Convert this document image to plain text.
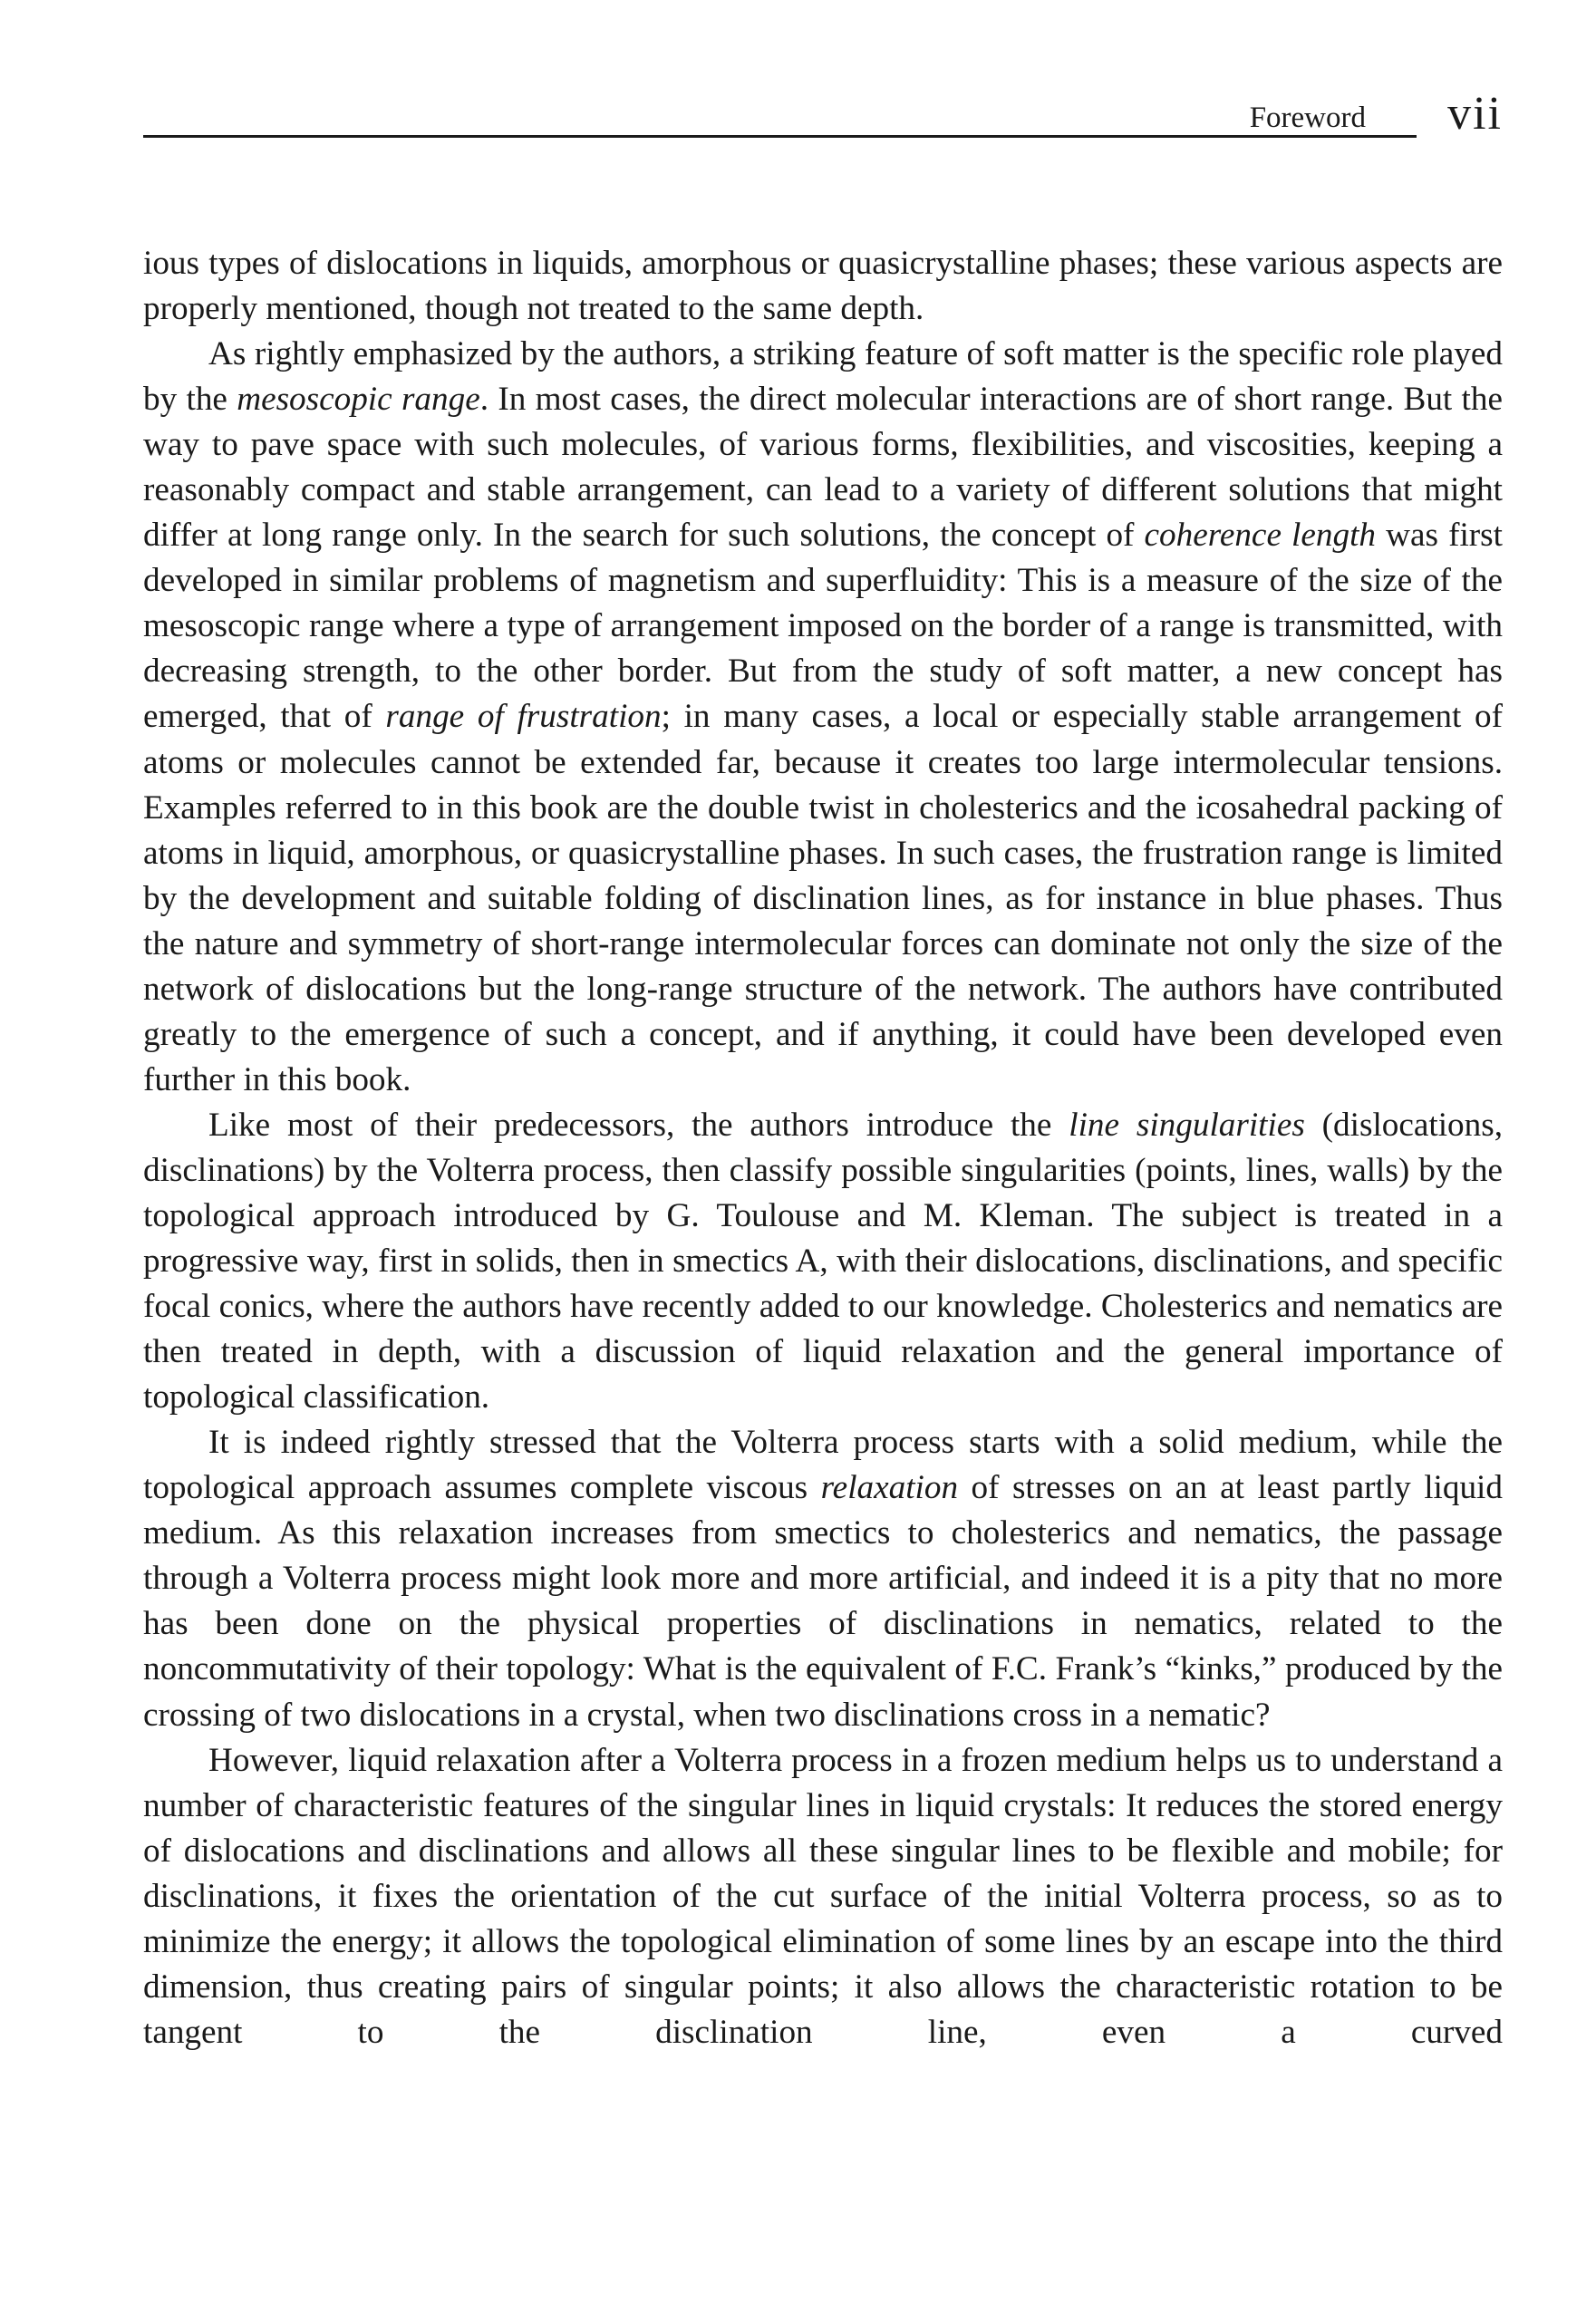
Foreword vii

ious types of dislocations in liquids, amorphous or quasicrystalline phases; these various aspects are properly mentioned, though not treated to the same depth.

As rightly emphasized by the authors, a striking feature of soft matter is the specific role played by the mesoscopic range. In most cases, the direct molecular interactions are of short range. But the way to pave space with such molecules, of various forms, flexibilities, and viscosities, keeping a reasonably compact and stable arrangement, can lead to a variety of different solutions that might differ at long range only. In the search for such solutions, the concept of coherence length was first developed in similar problems of magnetism and superfluidity: This is a measure of the size of the mesoscopic range where a type of arrangement imposed on the border of a range is transmitted, with decreasing strength, to the other border. But from the study of soft matter, a new concept has emerged, that of range of frustration; in many cases, a local or especially stable arrangement of atoms or molecules cannot be extended far, because it creates too large intermolecular tensions. Examples referred to in this book are the double twist in cholesterics and the icosahedral packing of atoms in liquid, amorphous, or quasicrystalline phases. In such cases, the frustration range is limited by the development and suitable folding of disclination lines, as for instance in blue phases. Thus the nature and symmetry of short-range intermolecular forces can dominate not only the size of the network of dislocations but the long-range structure of the network. The authors have contributed greatly to the emergence of such a concept, and if anything, it could have been developed even further in this book.

Like most of their predecessors, the authors introduce the line singularities (dislocations, disclinations) by the Volterra process, then classify possible singularities (points, lines, walls) by the topological approach introduced by G. Toulouse and M. Kleman. The subject is treated in a progressive way, first in solids, then in smectics A, with their dislocations, disclinations, and specific focal conics, where the authors have recently added to our knowledge. Cholesterics and nematics are then treated in depth, with a discussion of liquid relaxation and the general importance of topological classification.

It is indeed rightly stressed that the Volterra process starts with a solid medium, while the topological approach assumes complete viscous relaxation of stresses on an at least partly liquid medium. As this relaxation increases from smectics to cholesterics and nematics, the passage through a Volterra process might look more and more artificial, and indeed it is a pity that no more has been done on the physical properties of disclinations in nematics, related to the noncommutativity of their topology: What is the equivalent of F.C. Frank’s “kinks,” produced by the crossing of two dislocations in a crystal, when two disclinations cross in a nematic?

However, liquid relaxation after a Volterra process in a frozen medium helps us to understand a number of characteristic features of the singular lines in liquid crystals: It reduces the stored energy of dislocations and disclinations and allows all these singular lines to be flexible and mobile; for disclinations, it fixes the orientation of the cut surface of the initial Volterra process, so as to minimize the energy; it allows the topological elimination of some lines by an escape into the third dimension, thus creating pairs of singular points; it also allows the characteristic rotation to be tangent to the disclination line, even a curved
